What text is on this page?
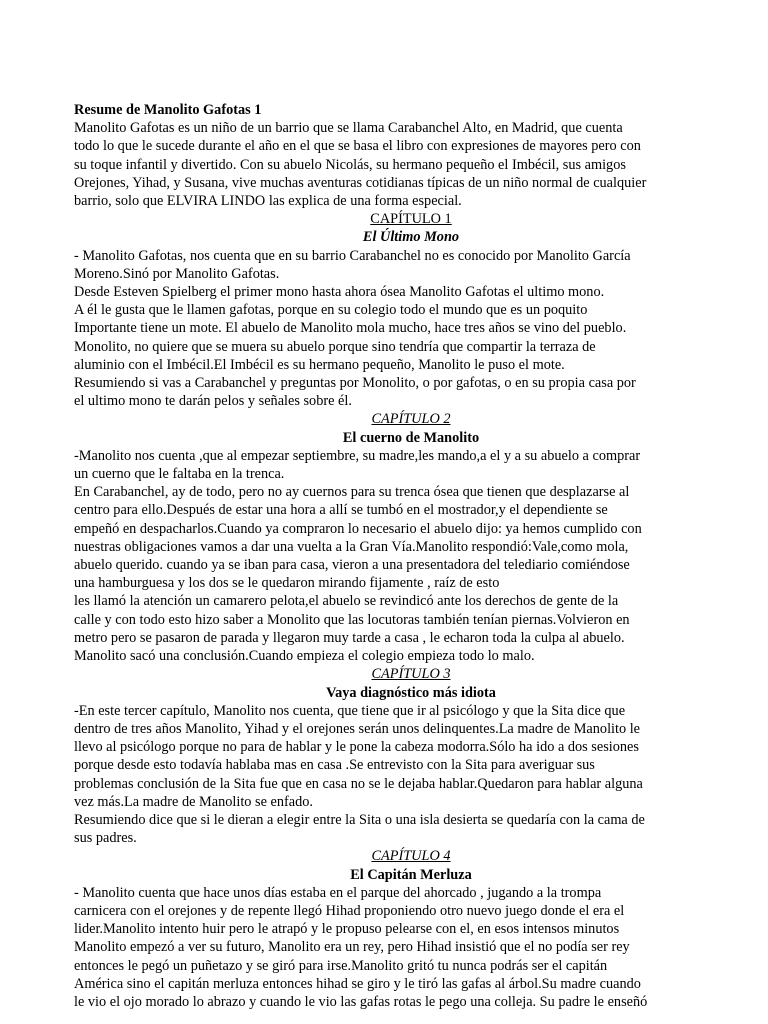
Resume de Manolito Gafotas 1
Manolito Gafotas es un niño de un barrio que se llama Carabanchel Alto, en Madrid, que cuenta
todo lo que le sucede durante el año en el que se basa el libro con expresiones de mayores pero con
su toque infantil y divertido. Con su abuelo Nicolás, su hermano pequeño el Imbécil, sus amigos
Orejones, Yihad, y Susana, vive muchas aventuras cotidianas típicas de un niño normal de cualquier
barrio, solo que ELVIRA LINDO las explica de una forma especial.
CAPÍTULO 1
El Último Mono
- Manolito Gafotas, nos cuenta que en su barrio Carabanchel no es conocido por Manolito García
Moreno.Sinó por Manolito Gafotas.
Desde Esteven Spielberg el primer mono hasta ahora ósea Manolito Gafotas el ultimo mono.
A él le gusta que le llamen gafotas, porque en su colegio todo el mundo que es un poquito
Importante tiene un mote. El abuelo de Manolito mola mucho, hace tres años se vino del pueblo.
Monolito, no quiere que se muera su abuelo porque sino tendría que compartir la terraza de
aluminio con el Imbécil.El Imbécil es su hermano pequeño, Manolito le puso el mote.
Resumiendo si vas a Carabanchel y preguntas por Monolito, o por gafotas, o en su propia casa por
el ultimo mono te darán pelos y señales sobre él.
CAPÍTULO 2
El cuerno de Manolito
-Manolito nos cuenta ,que al empezar septiembre, su madre,les mando,a el y a su abuelo a comprar
un cuerno que le faltaba en la trenca.
En Carabanchel, ay de todo, pero no ay cuernos para su trenca ósea que tienen que desplazarse al
centro para ello.Después de estar una hora a allí se tumbó en el mostrador,y el dependiente se
empeñó en despacharlos.Cuando ya compraron lo necesario el abuelo dijo: ya hemos cumplido con
nuestras obligaciones vamos a dar una vuelta a la Gran Vía.Manolito respondió:Vale,como mola,
abuelo querido. cuando ya se iban para casa, vieron a una presentadora del telediario comiéndose
una hamburguesa y los dos se le quedaron mirando fijamente , raíz de esto
les llamó la atención un camarero pelota,el abuelo se revindicó ante los derechos de gente de la
calle y con todo esto hizo saber a Monolito que las locutoras también tenían piernas.Volvieron en
metro pero se pasaron de parada y llegaron muy tarde a casa , le echaron toda la culpa al abuelo.
Manolito sacó una conclusión.Cuando empieza el colegio empieza todo lo malo.
CAPÍTULO 3
Vaya diagnóstico más idiota
-En este tercer capítulo, Manolito nos cuenta, que tiene que ir al psicólogo y que la Sita dice que
dentro de tres años Manolito, Yihad y el orejones serán unos delinquentes.La madre de Manolito le
llevo al psicólogo porque no para de hablar y le pone la cabeza modorra.Sólo ha ido a dos sesiones
porque desde esto todavía hablaba mas en casa .Se entrevisto con la Sita para averiguar sus
problemas conclusión de la Sita fue que en casa no se le dejaba hablar.Quedaron para hablar alguna
vez más.La madre de Manolito se enfado.
Resumiendo dice que si le dieran a elegir entre la Sita o una isla desierta se quedaría con la cama de
sus padres.
CAPÍTULO 4
El Capitán Merluza
- Manolito cuenta que hace unos días estaba en el parque del ahorcado , jugando a la trompa
carnicera con el orejones y de repente llegó Hihad proponiendo otro nuevo juego donde el era el
lider.Manolito intento huir pero le atrapó y le propuso pelearse con el, en esos intensos minutos
Manolito empezó a ver su futuro, Manolito era un rey, pero Hihad insistió que el no podía ser rey
entonces le pegó un puñetazo y se giró para irse.Manolito gritó tu nunca podrás ser el capitán
América sino el capitán merluza entonces hihad se giro y le tiró las gafas al árbol.Su madre cuando
le vio el ojo morado lo abrazo y cuando le vio las gafas rotas le pego una colleja. Su padre le enseñó
